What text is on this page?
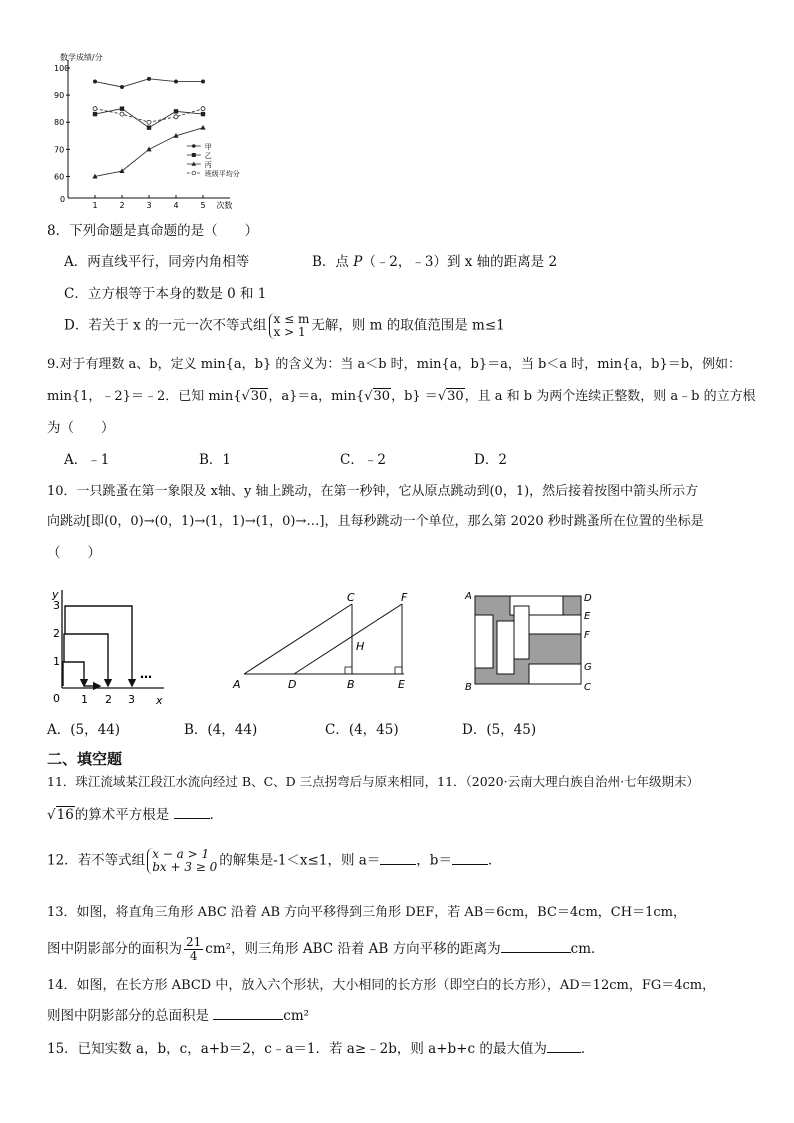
数学成绩/分
次数
0
60
70
80
90
100
1	2	3	4	5
甲
乙
丙
班级平均分
8．下列命题是真命题的是（　　）
A．两直线平行，同旁内角相等	B．点 P（﹣2，﹣3）到 x 轴的距离是 2
C．立方根等于本身的数是 0 和 1
D．若关于 x 的一元一次不等式组 x ≤ m
x > 1 无解，则 m 的取值范围是 m≤1
9.对于有理数 a、b，定义 min{a，b} 的含义为：当 a＜b 时，min{a，b}＝a，当 b＜a 时，min{a，b}＝b，例如：
min{1，﹣2}＝﹣2．已知 min{√30，a}＝a，min{√30，b} ＝√30，且 a 和 b 为两个连续正整数，则 a﹣b 的立方根
为（　　）
A．﹣1	B．1	C．﹣2	D．2
10．一只跳蚤在第一象限及 x轴、y 轴上跳动，在第一秒钟，它从原点跳动到(0，1)，然后接着按图中箭头所示方
向跳动[即(0，0)→(0，1)→(1，1)→(1，0)→…]，且每秒跳动一个单位，那么第 2020 秒时跳蚤所在位置的坐标是
（　　）
y
x
0
1
2
3
1 2 3
…
A	D	B	E
C	F
H
A
B	C
D
E
F
G
A．(5，44)	B．(4，44)	C．(4，45)	D．(5，45)
二、填空题
11．珠江流域某江段江水流向经过 B、C、D 三点拐弯后与原来相同，11．（2020·云南大理白族自治州·七年级期末）
√16的算术平方根是	．
12．若不等式组 x − a > 1
bx + 3 ≥ 0 的解集是-1＜x≤1，则 a＝	，b＝	．
13．如图，将直角三角形 ABC 沿着 AB 方向平移得到三角形 DEF，若 AB＝6cm，BC＝4cm，CH＝1cm，
图中阴影部分的面积为 $\frac{21}{4} cm^2$，则三角形 ABC 沿着 AB 方向平移的距离为	cm．
14．如图，在长方形 ABCD 中，放入六个形状，大小相同的长方形（即空白的长方形），AD＝12cm，FG＝4cm，
则图中阴影部分的总面积是	cm²
15．已知实数 a，b，c，a+b＝2，c﹣a＝1．若 a≥﹣2b，则 a+b+c 的最大值为	．
